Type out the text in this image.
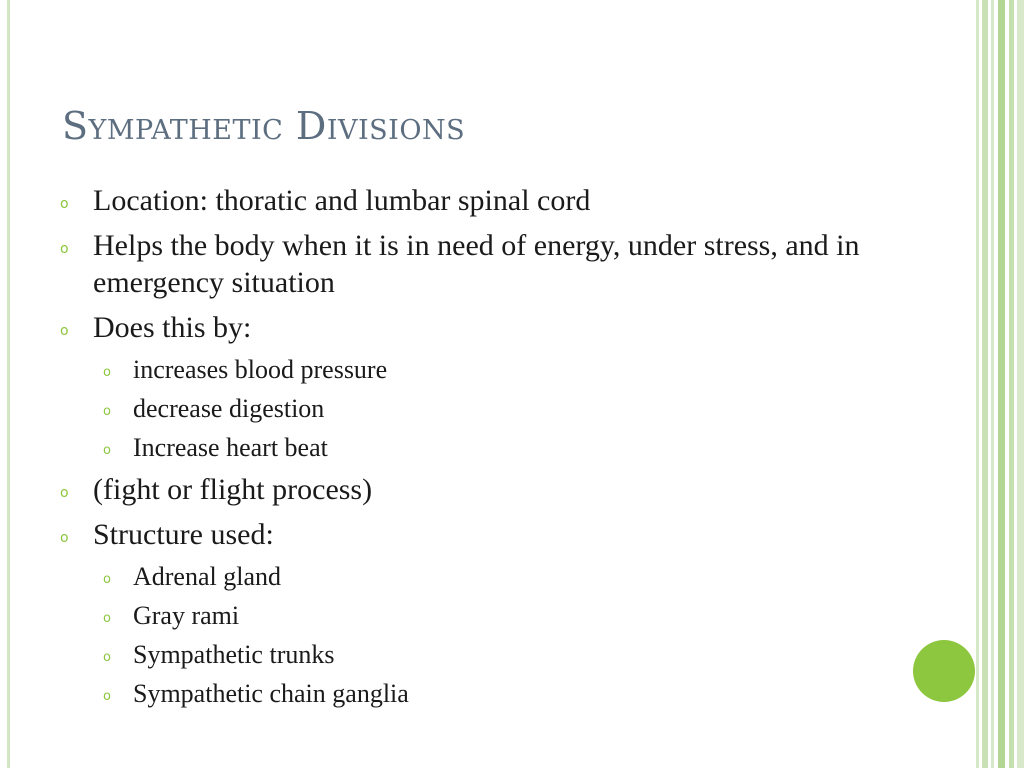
Sympathetic Divisions
o Location: thoratic and lumbar spinal cord
o Helps the body when it is in need of energy, under stress, and in emergency situation
o Does this by:
o increases blood pressure
o decrease digestion
o Increase heart beat
o (fight or flight process)
o Structure used:
o Adrenal gland
o Gray rami
o Sympathetic trunks
o Sympathetic chain ganglia
